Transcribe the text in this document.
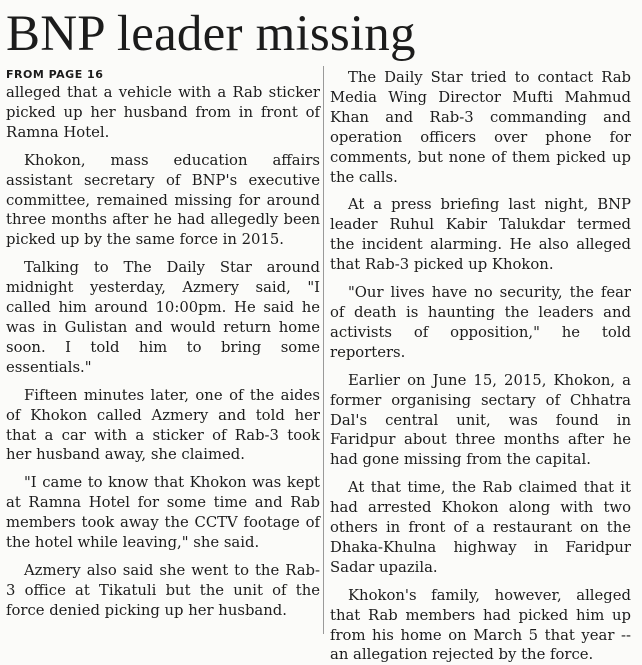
BNP leader missing
FROM PAGE 16

alleged that a vehicle with a Rab sticker picked up her husband from in front of Ramna Hotel.

Khokon, mass education affairs assistant secretary of BNP's executive committee, remained missing for around three months after he had allegedly been picked up by the same force in 2015.

Talking to The Daily Star around midnight yesterday, Azmery said, "I called him around 10:00pm. He said he was in Gulistan and would return home soon. I told him to bring some essentials."

Fifteen minutes later, one of the aides of Khokon called Azmery and told her that a car with a sticker of Rab-3 took her husband away, she claimed.

"I came to know that Khokon was kept at Ramna Hotel for some time and Rab members took away the CCTV footage of the hotel while leaving," she said.

Azmery also said she went to the Rab-3 office at Tikatuli but the unit of the force denied picking up her husband.

The Daily Star tried to contact Rab Media Wing Director Mufti Mahmud Khan and Rab-3 commanding and operation officers over phone for comments, but none of them picked up the calls.

At a press briefing last night, BNP leader Ruhul Kabir Talukdar termed the incident alarming. He also alleged that Rab-3 picked up Khokon.

"Our lives have no security, the fear of death is haunting the leaders and activists of opposition," he told reporters.

Earlier on June 15, 2015, Khokon, a former organising sectary of Chhatra Dal's central unit, was found in Faridpur about three months after he had gone missing from the capital.

At that time, the Rab claimed that it had arrested Khokon along with two others in front of a restaurant on the Dhaka-Khulna highway in Faridpur Sadar upazila.

Khokon's family, however, alleged that Rab members had picked him up from his home on March 5 that year -- an allegation rejected by the force.
